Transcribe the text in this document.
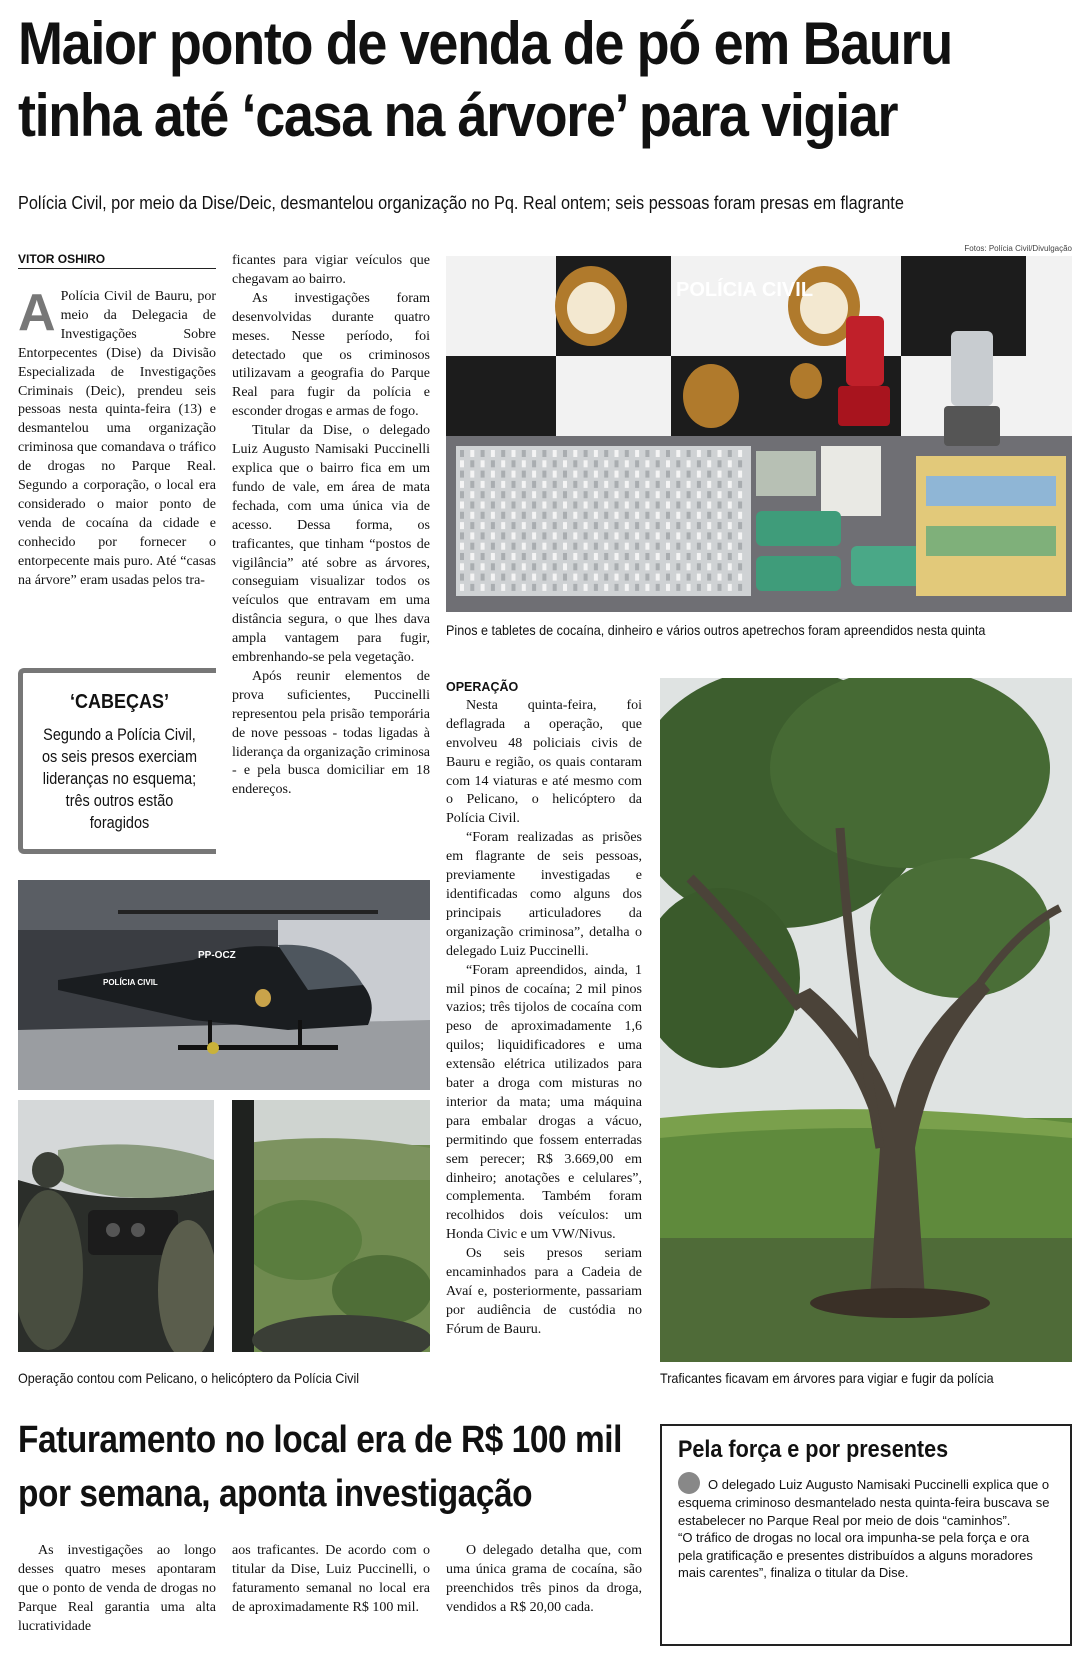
Maior ponto de venda de pó em Bauru tinha até ‘casa na árvore’ para vigiar

Polícia Civil, por meio da Dise/Deic, desmantelou organização no Pq. Real ontem; seis pessoas foram presas em flagrante

VITOR OSHIRO

A Polícia Civil de Bauru, por meio da Delegacia de Investigações Sobre Entorpecentes (Dise) da Divisão Especializada de Investigações Criminais (Deic), prendeu seis pessoas nesta quinta-feira (13) e desmantelou uma organização criminosa que comandava o tráfico de drogas no Parque Real. Segundo a corporação, o local era considerado o maior ponto de venda de cocaína da cidade e conhecido por fornecer o entorpecente mais puro. Até “casas na árvore” eram usadas pelos tra-

‘CABEÇAS’
Segundo a Polícia Civil, os seis presos exerciam lideranças no esquema; três outros estão foragidos

ficantes para vigiar veículos que chegavam ao bairro.

As investigações foram desenvolvidas durante quatro meses. Nesse período, foi detectado que os criminosos utilizavam a geografia do Parque Real para fugir da polícia e esconder drogas e armas de fogo.

Titular da Dise, o delegado Luiz Augusto Namisaki Puccinelli explica que o bairro fica em um fundo de vale, em área de mata fechada, com uma única via de acesso. Dessa forma, os traficantes, que tinham “postos de vigilância” até sobre as árvores, conseguiam visualizar todos os veículos que entravam em uma distância segura, o que lhes dava ampla vantagem para fugir, embrenhando-se pela vegetação.

Após reunir elementos de prova suficientes, Puccinelli representou pela prisão temporária de nove pessoas - todas ligadas à liderança da organização criminosa - e pela busca domiciliar em 18 endereços.

Fotos: Polícia Civil/Divulgação
POLÍCIA CIVIL
Pinos e tabletes de cocaína, dinheiro e vários outros apetrechos foram apreendidos nesta quinta

OPERAÇÃO

Nesta quinta-feira, foi deflagrada a operação, que envolveu 48 policiais civis de Bauru e região, os quais contaram com 14 viaturas e até mesmo com o Pelicano, o helicóptero da Polícia Civil.

“Foram realizadas as prisões em flagrante de seis pessoas, previamente investigadas e identificadas como alguns dos principais articuladores da organização criminosa”, detalha o delegado Luiz Puccinelli.

“Foram apreendidos, ainda, 1 mil pinos de cocaína; 2 mil pinos vazios; três tijolos de cocaína com peso de aproximadamente 1,6 quilos; liquidificadores e uma extensão elétrica utilizados para bater a droga com misturas no interior da mata; uma máquina para embalar drogas a vácuo, permitindo que fossem enterradas sem perecer; R$ 3.669,00 em dinheiro; anotações e celulares”, complementa. Também foram recolhidos dois veículos: um Honda Civic e um VW/Nivus.

Os seis presos seriam encaminhados para a Cadeia de Avaí e, posteriormente, passariam por audiência de custódia no Fórum de Bauru.

Traficantes ficavam em árvores para vigiar e fugir da polícia
PP-OCZ
POLÍCIA CIVIL
Operação contou com Pelicano, o helicóptero da Polícia Civil
Faturamento no local era de R$ 100 mil por semana, aponta investigação

As investigações ao longo desses quatro meses apontaram que o ponto de venda de drogas no Parque Real garantia uma alta lucratividade

aos traficantes. De acordo com o titular da Dise, Luiz Puccinelli, o faturamento semanal no local era de aproximadamente R$ 100 mil.

O delegado detalha que, com uma única grama de cocaína, são preenchidos três pinos da droga, vendidos a R$ 20,00 cada.

Pela força e por presentes

O delegado Luiz Augusto Namisaki Puccinelli explica que o esquema criminoso desmantelado nesta quinta-feira buscava se estabelecer no Parque Real por meio de dois “caminhos”.

“O tráfico de drogas no local ora impunha-se pela força e ora pela gratificação e presentes distribuídos a alguns moradores mais carentes”, finaliza o titular da Dise.
